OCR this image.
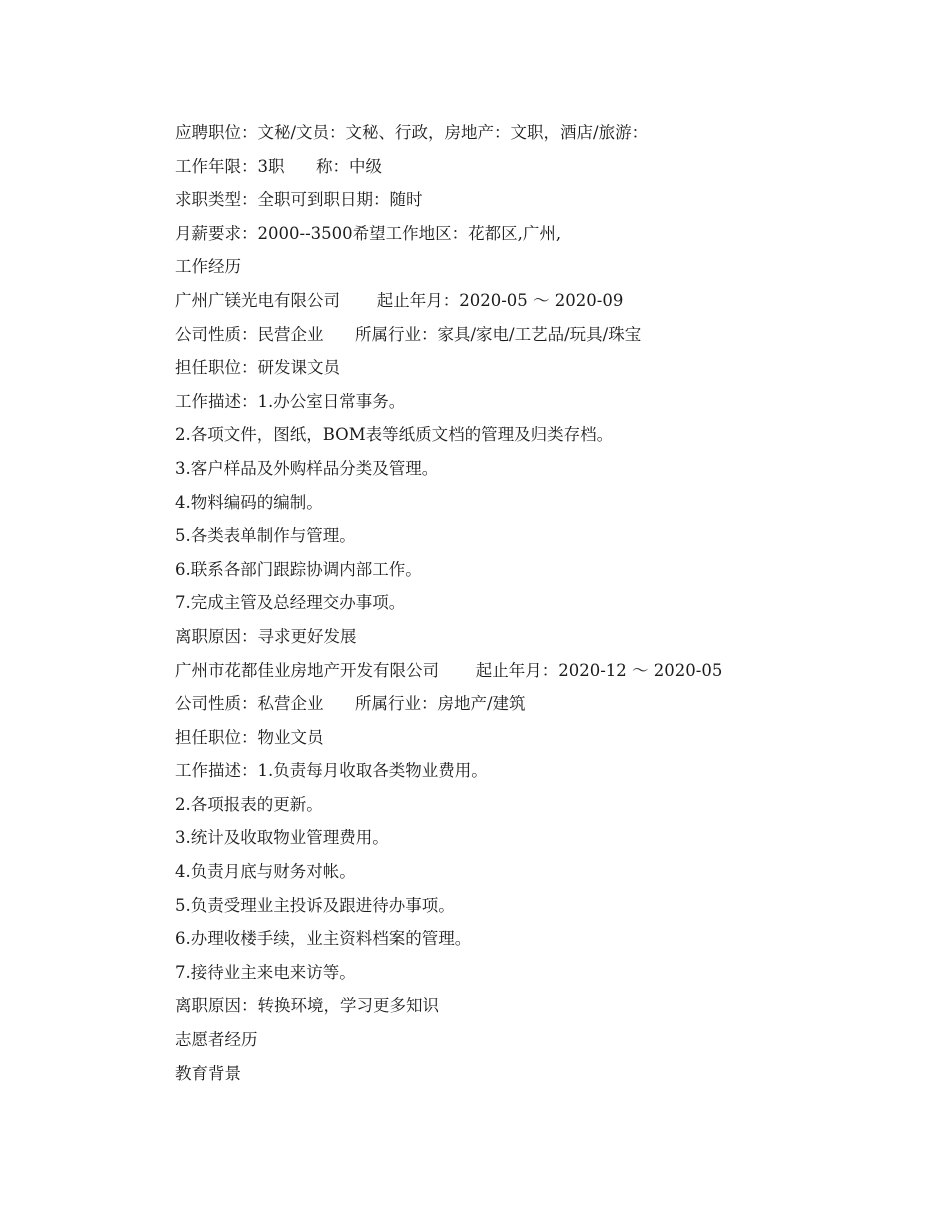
应聘职位：文秘/文员：文秘、行政，房地产：文职，酒店/旅游：
工作年限：3职      称：中级
求职类型：全职可到职日期：随时
月薪要求：2000--3500希望工作地区：花都区,广州,
工作经历
广州广镁光电有限公司       起止年月：2020-05 ～ 2020-09
公司性质：民营企业      所属行业：家具/家电/工艺品/玩具/珠宝
担任职位：研发课文员
工作描述：1.办公室日常事务。
2.各项文件，图纸，BOM表等纸质文档的管理及归类存档。
3.客户样品及外购样品分类及管理。
4.物料编码的编制。
5.各类表单制作与管理。
6.联系各部门跟踪协调内部工作。
7.完成主管及总经理交办事项。
离职原因：寻求更好发展
广州市花都佳业房地产开发有限公司       起止年月：2020-12 ～ 2020-05
公司性质：私营企业      所属行业：房地产/建筑
担任职位：物业文员
工作描述：1.负责每月收取各类物业费用。
2.各项报表的更新。
3.统计及收取物业管理费用。
4.负责月底与财务对帐。
5.负责受理业主投诉及跟进待办事项。
6.办理收楼手续，业主资料档案的管理。
7.接待业主来电来访等。
离职原因：转换环境，学习更多知识
志愿者经历
教育背景
